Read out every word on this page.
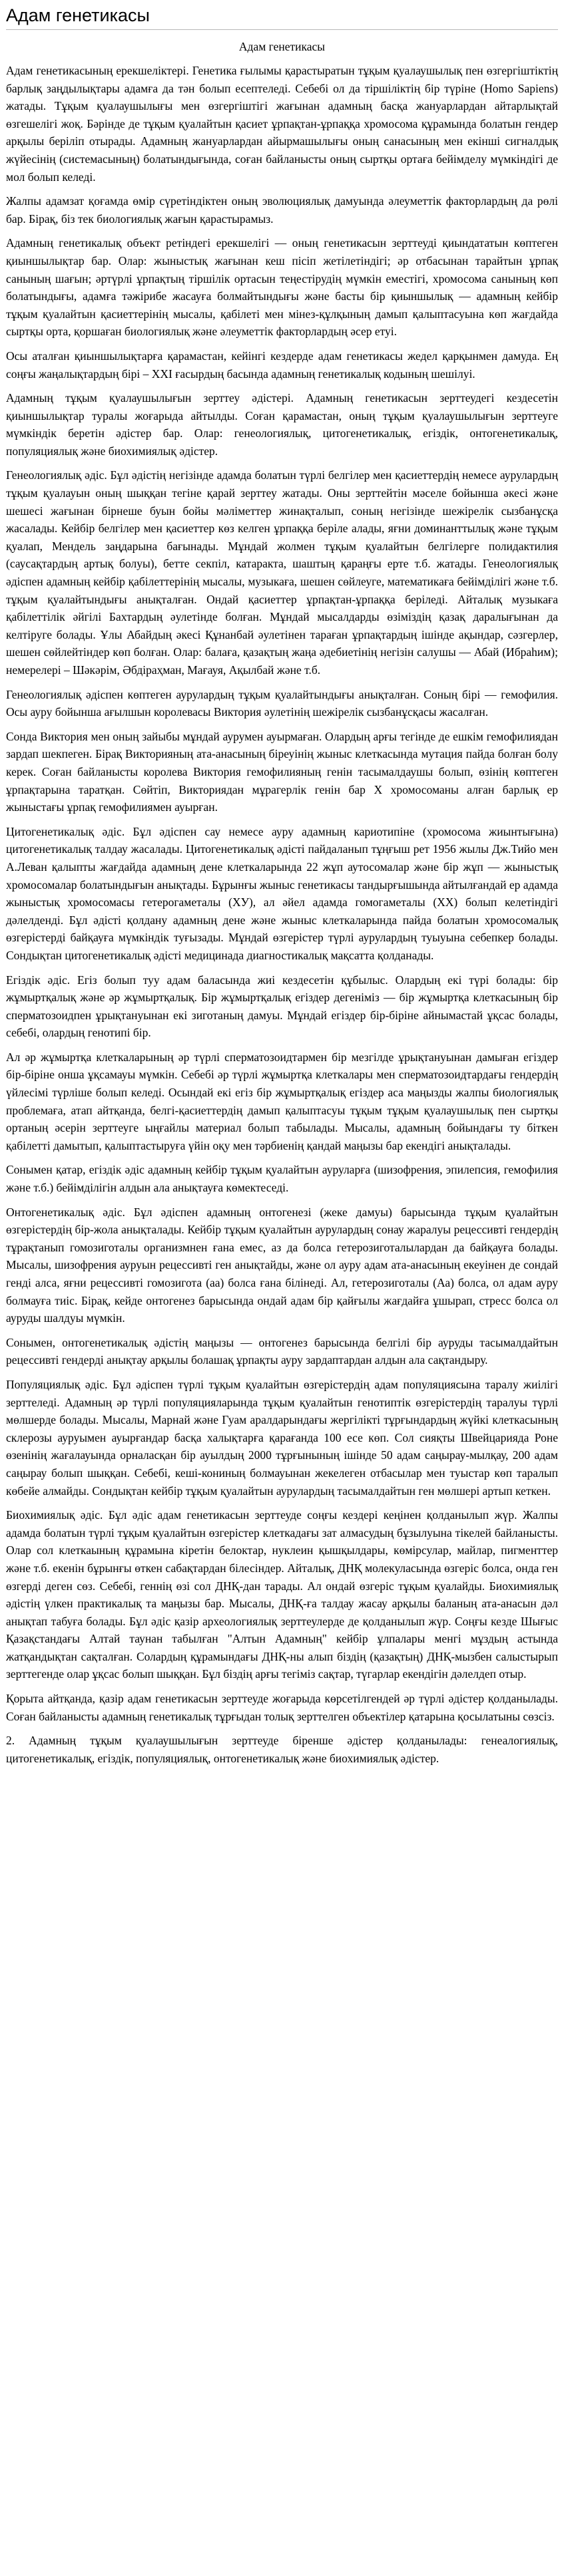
Адам генетикасы
Адам генетикасы

Адам генетикасының ерекшеліктері. Генетика ғылымы қарастыратын тұқым қуалаушылық пен өзгергіштіктің барлық заңдылықтары адамға да тән болып есептеледі. Себебі ол да тіршіліктің бір түріне (Homo Sapiens) жатады. Тұқым қуалаушылығы мен өзгергіштігі жағынан адамның басқа жануарлардан айтарлықтай өзгешелігі жоқ. Бәрінде де тұқым қуалайтын қасиет ұрпақтан-ұрпаққа хромосома құрамында болатын гендер арқылы беріліп отырады. Адамның жануарлардан айырмашылығы оның санасының мен екінші сигналдық жүйесінің (системасының) болатындығында, соған байланысты оның сыртқы ортаға бейімделу мүмкіндігі де мол болып келеді.

Жалпы адамзат қоғамда өмір сүретіндіктен оның эволюциялық дамуында әлеуметтік факторлардың да рөлі бар. Бірақ, біз тек биологиялық жағын қарастырамыз.

Адамның генетикалық объект ретіндегі ерекшелігі — оның генетикасын зерттеуді қиындататын көптеген қиыншылықтар бар. Олар: жыныстық жағынан кеш пісіп жетілетіндігі; әр отбасынан тарайтын ұрпақ санының шағын; әртүрлі ұрпақтың тіршілік ортасын теңестірудің мүмкін еместігі, хромосома санының көп болатындығы, адамға тәжірибе жасауға болмайтындығы және басты бір қиыншылық — адамның кейбір тұқым қуалайтын қасиеттерінің мысалы, қабілеті мен мінез-құлқының дамып қалыптасуына көп жағдайда сыртқы орта, қоршаған биологиялық және әлеуметтік факторлардың әсер етуі.

Осы аталған қиыншылықтарға қарамастан, кейінгі кездерде адам генетикасы жедел қарқынмен дамуда. Ең соңғы жаңалықтардың бірі – XXI ғасырдың басында адамның генетикалық кодының шешілуі.

Адамның тұқым қуалаушылығын зерттеу әдістері. Адамның генетикасын зерттеудегі кездесетін қиыншылықтар туралы жоғарыда айтылды. Соған қарамастан, оның тұқым қуалаушылығын зерттеуге мүмкіндік беретін әдістер бар. Олар: генеологиялық, цитогенетикалық, егіздік, онтогенетикалық, популяциялық және биохимиялық әдістер.

Генеологиялық әдіс. Бұл әдістің негізінде адамда болатын түрлі белгілер мен қасиеттердің немесе аурулардың тұқым қуалауын оның шыққан тегіне қарай зерттеу жатады. Оны зерттейтін мәселе бойынша әкесі және шешесі жағынан бірнеше буын бойы мәліметтер жинақталып, соның негізінде шежірелік сызбанұсқа жасалады. Кейбір белгілер мен қасиеттер көз келген ұрпаққа беріле алады, яғни доминанттылық және тұқым қуалап, Мендель заңдарына бағынады. Мұндай жолмен тұқым қуалайтын белгілерге полидактилия (саусақтардың артық болуы), бетте секпіл, катаракта, шаштың қараңғы ерте т.б. жатады. Генеологиялық әдіспен адамның кейбір қабілеттерінің мысалы, музыкаға, шешен сөйлеуге, математикаға бейімділігі және т.б. тұқым қуалайтындығы анықталған. Ондай қасиеттер ұрпақтан-ұрпаққа беріледі. Айталық музыкаға қабілеттілік әйгілі Бахтардың әулетінде болған. Мұндай мысалдарды өзіміздің қазақ даралығынан да келтіруге болады. Ұлы Абайдың әкесі Құнанбай әулетінен тараған ұрпақтардың ішінде ақындар, сәзгерлер, шешен сөйлейтіндер көп болған. Олар: балаға, қазақтың жаңа әдебиетінің негізін салушы — Абай (Ибраһим); немерелері – Шәкәрім, Әбдіраҳман, Мағауя, Ақылбай және т.б.

Генеологиялық әдіспен көптеген аурулардың тұқым қуалайтындығы анықталған. Соның бірі — гемофилия. Осы ауру бойынша ағылшын королевасы Виктория әулетінің шежірелік сызбанұсқасы жасалған.

Сонда Виктория мен оның зайыбы мұндай аурумен ауырмаған. Олардың арғы тегінде де ешкім гемофилиядан зардап шекпеген. Бірақ Викторияның ата-анасының біреуінің жыныс клеткасында мутация пайда болған болу керек. Соған байланысты королева Виктория гемофилияның генін тасымалдаушы болып, өзінің көптеген ұрпақтарына таратқан. Сөйтіп, Викториядан мұрагерлік генін бар Х хромосоманы алған барлық ер жыныстағы ұрпақ гемофилиямен ауырған.

Цитогенетикалық әдіс. Бұл әдіспен сау немесе ауру адамның кариотипіне (хромосома жиынтығына) цитогенетикалық талдау жасалады. Цитогенетикалық әдісті пайдаланып тұңғыш рет 1956 жылы Дж.Тийо мен А.Леван қалыпты жағдайда адамның дене клеткаларында 22 жұп аутосомалар және бір жұп — жыныстық хромосомалар болатындығын анықтады. Бұрынғы жыныс генетикасы тандырғышында айтылғандай ер адамда жыныстық хромосомасы гетерогаметалы (ХУ), ал әйел адамда гомогаметалы (ХХ) болып келетіндігі дәлелденді. Бұл әдісті қолдану адамның дене және жыныс клеткаларында пайда болатын хромосомалық өзгерістерді байқауға мүмкіндік туғызады. Мұндай өзгерістер түрлі аурулардың туыуына себепкер болады. Сондықтан цитогенетикалық әдісті медицинада диагностикалық мақсатта қолданады.

Егіздік әдіс. Егіз болып туу адам баласында жиі кездесетін құбылыс. Олардың екі түрі болады: бір жұмыртқалық және әр жұмыртқалық. Бір жұмыртқалық егіздер дегеніміз — бір жұмыртқа клеткасының бір сперматозоидпен ұрықтануынан екі зиготаның дамуы. Мұндай егіздер бір-біріне айнымастай ұқсас болады, себебі, олардың генотипі бір.

Ал әр жұмыртқа клеткаларының әр түрлі сперматозоидтармен бір мезгілде ұрықтануынан дамыған егіздер бір-біріне онша ұқсамауы мүмкін. Себебі әр түрлі жұмыртқа клеткалары мен сперматозоидтардағы гендердің үйлесімі түрліше болып келеді. Осындай екі егіз бір жұмыртқалық егіздер аса маңызды жалпы биологиялық проблемаға, атап айтқанда, белгі-қасиеттердің дамып қалыптасуы тұқым тұқым қуалаушылық пен сыртқы ортаның әсерін зерттеуге ыңғайлы материал болып табылады. Мысалы, адамның бойындағы ту біткен қабілетті дамытып, қалыптастыруға үйін оқу мен тәрбиенің қандай маңызы бар екендігі анықталады.

Сонымен қатар, егіздік әдіс адамның кейбір тұқым қуалайтын ауруларға (шизофрения, эпилепсия, гемофилия және т.б.) бейімділігін алдын ала анықтауға көмектеседі.

Онтогенетикалық әдіс. Бұл әдіспен адамның онтогенезі (жеке дамуы) барысында тұқым қуалайтын өзгерістердің бір-жола анықталады. Кейбір тұқым қуалайтын аурулардың сонау жаралуы рецессивті гендердің тұрақтанып гомозиготалы организмнен ғана емес, аз да болса гетерозиготалылардан да байқауға болады. Мысалы, шизофрения ауруын рецессивті ген анықтайды, және ол ауру адам ата-анасының екеуінен де сондай генді алса, яғни рецессивті гомозигота (аа) болса ғана білінеді. Ал, гетерозиготалы (Аа) болса, ол адам ауру болмауға тиіс. Бірақ, кейде онтогенез барысында ондай адам бір қайғылы жағдайға ұшырап, стресс болса ол ауруды шалдуы мүмкін.

Сонымен, онтогенетикалық әдістің маңызы — онтогенез барысында белгілі бір ауруды тасымалдайтын рецессивті гендерді анықтау арқылы болашақ ұрпақты ауру зардаптардан алдын ала сақтандыру.

Популяциялық әдіс. Бұл әдіспен түрлі тұқым қуалайтын өзгерістердің адам популяциясына таралу жиілігі зерттеледі. Адамның әр түрлі популяцияларында тұқым қуалайтын генотиптік өзгерістердің таралуы түрлі мөлшерде болады. Мысалы, Марнай және Гуам аралдарындағы жергілікті тұрғындардың жүйкі клеткасының склерозы ауруымен ауырғандар басқа халықтарға қарағанда 100 есе көп. Сол сияқты Швейцарияда Роне өзенінің жағалауында орналасқан бір ауылдың 2000 тұрғынының ішінде 50 адам саңырау-мылқау, 200 адам саңырау болып шыққан. Себебі, кешi-кониның болмауынан жекелеген отбасылар мен туыстар көп таралып көбейе алмайды. Сондықтан кейбір тұқым қуалайтын аурулардың тасымалдайтын ген мөлшері артып кеткен.

Биохимиялық әдіс. Бұл әдіс адам генетикасын зерттеуде соңғы кездері кеңінен қолданылып жүр. Жалпы адамда болатын түрлі тұқым қуалайтын өзгерістер клеткадағы зат алмасудың бұзылуына тікелей байланысты. Олар сол клеткаының құрамына кіретін белоктар, нуклеин қышқылдары, көмірсулар, майлар, пигменттер және т.б. екенін бұрынғы өткен сабақтардан білесіндер. Айталық, ДНҚ молекуласында өзгеріс болса, онда ген өзгерді деген сөз. Себебі, геннің өзі сол ДНҚ-дан тарады. Ал ондай өзгеріс тұқым қуалайды. Биохимиялық әдістің үлкен практикалық та маңызы бар. Мысалы, ДНҚ-ға талдау жасау арқылы баланың ата-анасын дәл анықтап табуға болады. Бұл әдіс қазір археологиялық зерттеулерде де қолданылып жүр. Соңғы кезде Шығыс Қазақстандағы Алтай таунан табылған "Алтын Адамның" кейбір ұлпалары менгі мұздың астында жатқандықтан сақталған. Солардың құрамындағы ДНҚ-ны алып біздің (қазақтың) ДНҚ-мызбен салыстырып зерттегенде олар ұқсас болып шыққан. Бұл біздің арғы тегіміз сақтар, түгарлар екендігін дәлелдеп отыр.

Қорыта айтқанда, қазір адам генетикасын зерттеуде жоғарыда көрсетілгендей әр түрлі әдістер қолданылады. Соған байланысты адамның генетикалық тұрғыдан толық зерттелген объектілер қатарына қосылатыны сөзсіз.

2. Адамның тұқым қуалаушылығын зерттеуде біренше әдістер қолданылады: генеалогиялық, цитогенетикалық, егіздік, популяциялық, онтогенетикалық және биохимиялық әдістер.
